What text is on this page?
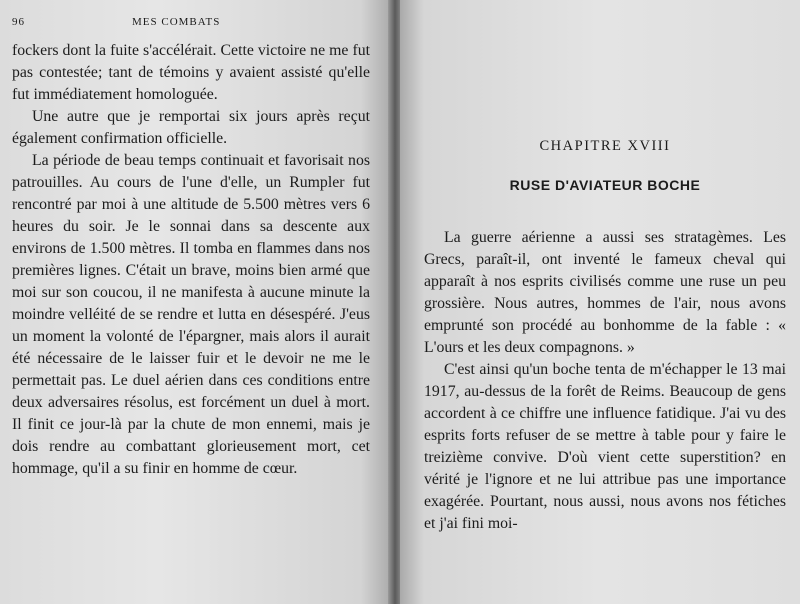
96	MES COMBATS

fockers dont la fuite s'accélérait. Cette victoire ne me fut pas contestée; tant de témoins y avaient assisté qu'elle fut immédiatement homologuée.

Une autre que je remportai six jours après reçut également confirmation officielle.

La période de beau temps continuait et favorisait nos patrouilles. Au cours de l'une d'elle, un Rumpler fut rencontré par moi à une altitude de 5.500 mètres vers 6 heures du soir. Je le sonnai dans sa descente aux environs de 1.500 mètres. Il tomba en flammes dans nos premières lignes. C'était un brave, moins bien armé que moi sur son coucou, il ne manifesta à aucune minute la moindre velléité de se rendre et lutta en désespéré. J'eus un moment la volonté de l'épargner, mais alors il aurait été nécessaire de le laisser fuir et le devoir ne me le permettait pas. Le duel aérien dans ces conditions entre deux adversaires résolus, est forcément un duel à mort. Il finit ce jour-là par la chute de mon ennemi, mais je dois rendre au combattant glorieusement mort, cet hommage, qu'il a su finir en homme de cœur.

CHAPITRE XVIII
RUSE D'AVIATEUR BOCHE

La guerre aérienne a aussi ses stratagèmes. Les Grecs, paraît-il, ont inventé le fameux cheval qui apparaît à nos esprits civilisés comme une ruse un peu grossière. Nous autres, hommes de l'air, nous avons emprunté son procédé au bonhomme de la fable : « L'ours et les deux compagnons. »

C'est ainsi qu'un boche tenta de m'échapper le 13 mai 1917, au-dessus de la forêt de Reims. Beaucoup de gens accordent à ce chiffre une influence fatidique. J'ai vu des esprits forts refuser de se mettre à table pour y faire le treizième convive. D'où vient cette superstition? en vérité je l'ignore et ne lui attribue pas une importance exagérée. Pourtant, nous aussi, nous avons nos fétiches et j'ai fini moi-
